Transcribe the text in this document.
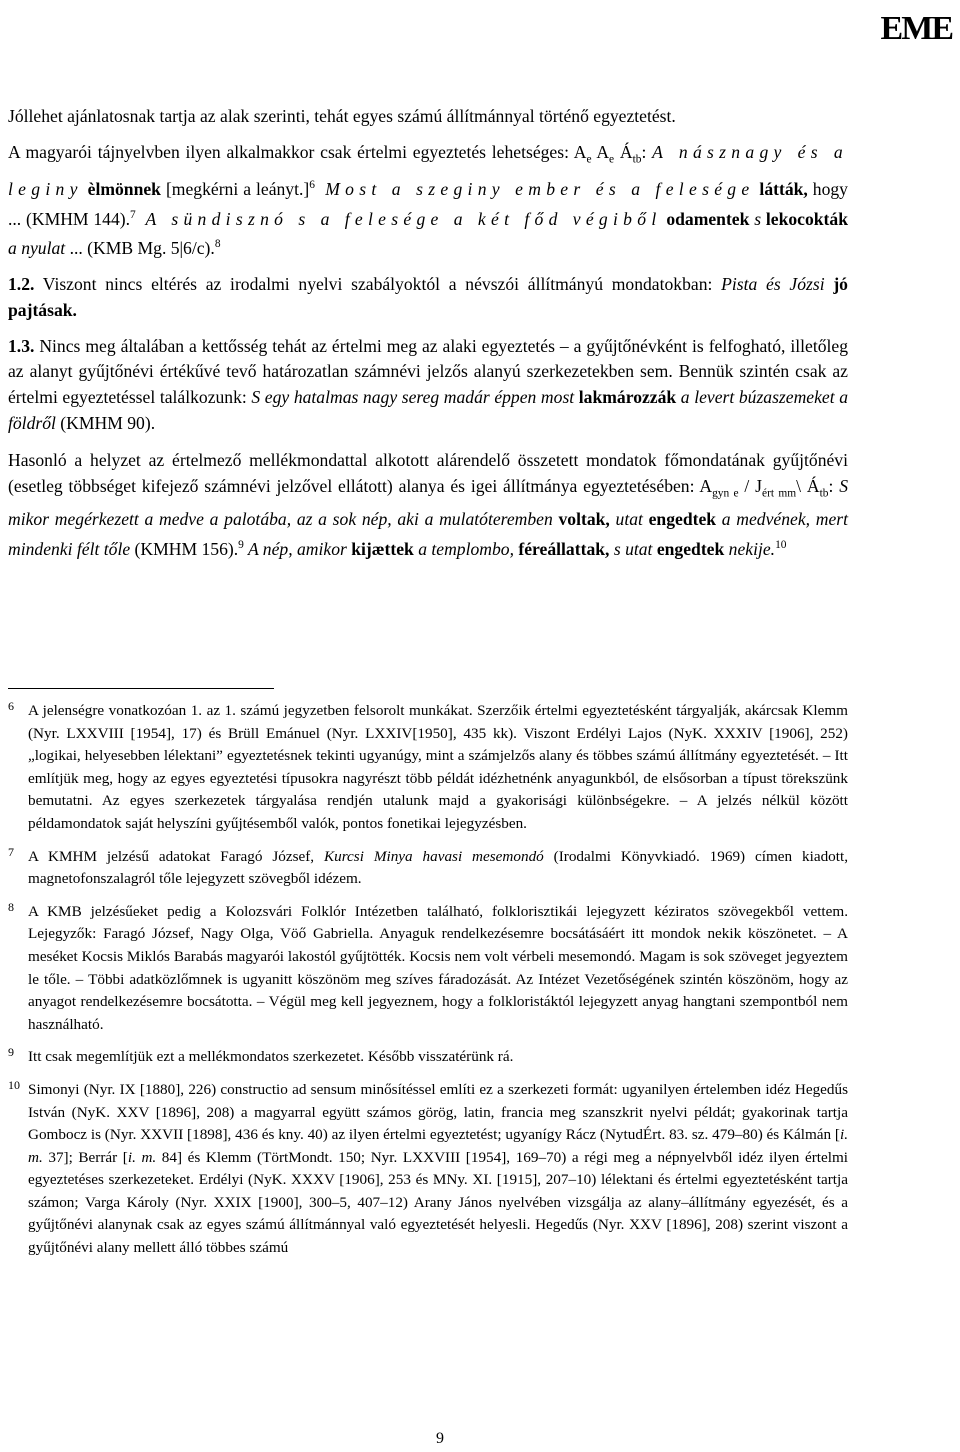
EME

Jóllehet ajánlatosnak tartja az alak szerinti, tehát egyes számú állítmánnyal történő egyeztetést.

A magyarói tájnyelvben ilyen alkalmakkor csak értelmi egyeztetés lehetséges: $A_e$ $A_e$ $Á_{tb}$: A násznagy és a leginy èlmönnek [megkérni a leányt.]$^6$ Most a szeginy ember és a felesége látták, hogy ... (KMHM 144).$^7$ A sündisznó s a felesége a két főd végiből odamentek s lekocokták a nyulat ... (KMB Mg. 5|6/c).$^8$

1.2. Viszont nincs eltérés az irodalmi nyelvi szabályoktól a névszói állítmányú mondatokban: Pista és Józsi jó pajtásak.

1.3. Nincs meg általában a kettősség tehát az értelmi meg az alaki egyeztetés – a gyűjtőnévként is felfogható, illetőleg az alanyt gyűjtőnévi értékűvé tevő határozatlan számnévi jelzős alanyú szerkezetekben sem. Bennük szintén csak az értelmi egyeztetéssel találkozunk: S egy hatalmas nagy sereg madár éppen most lakmározzák a levert búzaszemeket a földről (KMHM 90).

Hasonló a helyzet az értelmező mellékmondattal alkotott alárendelő összetett mondatok főmondatának gyűjtőnévi (esetleg többséget kifejező számnévi jelzővel ellátott) alanya és igei állítmánya egyeztetésében: $A_{gyn e}$ / $J_{ért mm}\backslash$ $Á_{tb}$: S mikor megérkezett a medve a palotába, az a sok nép, aki a mulatóteremben voltak, utat engedtek a medvének, mert mindenki félt tőle (KMHM 156).$^9$ A nép, amikor kijættek a templombo, féreállattak, s utat engedtek nekije.$^{10}$

6 A jelenségre vonatkozóan 1. az 1. számú jegyzetben felsorolt munkákat. Szerzőik értelmi egyeztetésként tárgyalják, akárcsak Klemm (Nyr. LXXVIII [1954], 17) és Brüll Emánuel (Nyr. LXXIV[1950], 435 kk). Viszont Erdélyi Lajos (NyK. XXXIV [1906], 252) „logikai, helyesebben lélektani” egyeztetésnek tekinti ugyanúgy, mint a számjelzős alany és többes számú állítmány egyeztetését. – Itt említjük meg, hogy az egyes egyeztetési típusokra nagyrészt több példát idézhetnénk anyagunkból, de elsősorban a típust törekszünk bemutatni. Az egyes szerkezetek tárgyalása rendjén utalunk majd a gyakorisági különbségekre. – A jelzés nélkül között példamondatok saját helyszíni gyűjtésemből valók, pontos fonetikai lejegyzésben.
7 A KMHM jelzésű adatokat Faragó József, Kurcsi Minya havasi mesemondó (Irodalmi Könyvkiadó. 1969) címen kiadott, magnetofonszalagról tőle lejegyzett szövegből idézem.
8 A KMB jelzésűeket pedig a Kolozsvári Folklór Intézetben található, folklorisztikái lejegyzett kéziratos szövegekből vettem. Lejegyzők: Faragó József, Nagy Olga, Vöő Gabriella. Anyaguk rendelkezésemre bocsátásáért itt mondok nekik köszönetet. – A meséket Kocsis Miklós Barabás magyarói lakostól gyűjtötték. Kocsis nem volt vérbeli mesemondó. Magam is sok szöveget jegyeztem le tőle. – Többi adatközlőmnek is ugyanitt köszönöm meg szíves fáradozását. Az Intézet Vezetőségének szintén köszönöm, hogy az anyagot rendelkezésemre bocsátotta. – Végül meg kell jegyeznem, hogy a folkloristáktól lejegyzett anyag hangtani szempontból nem használható.
9 Itt csak megemlítjük ezt a mellékmondatos szerkezetet. Később visszatérünk rá.
10 Simonyi (Nyr. IX [1880], 226) constructio ad sensum minősítéssel említi ez a szerkezeti formát: ugyanilyen értelemben idéz Hegedűs István (NyK. XXV [1896], 208) a magyarral együtt számos görög, latin, francia meg szanszkrit nyelvi példát; gyakorinak tartja Gombocz is (Nyr. XXVII [1898], 436 és kny. 40) az ilyen értelmi egyeztetést; ugyanígy Rácz (NytudÉrt. 83. sz. 479–80) és Kálmán [i. m. 37]; Berrár [i. m. 84] és Klemm (TörtMondt. 150; Nyr. LXXVIII [1954], 169–70) a régi meg a népnyelvből idéz ilyen értelmi egyeztetéses szerkezeteket. Erdélyi (NyK. XXXV [1906], 253 és MNy. XI. [1915], 207–10) lélektani és értelmi egyeztetésként tartja számon; Varga Károly (Nyr. XXIX [1900], 300–5, 407–12) Arany János nyelvében vizsgálja az alany–állítmány egyezését, és a gyűjtőnévi alanynak csak az egyes számú állítmánnyal való egyeztetését helyesli. Hegedűs (Nyr. XXV [1896], 208) szerint viszont a gyűjtőnévi alany mellett álló többes számú
9
